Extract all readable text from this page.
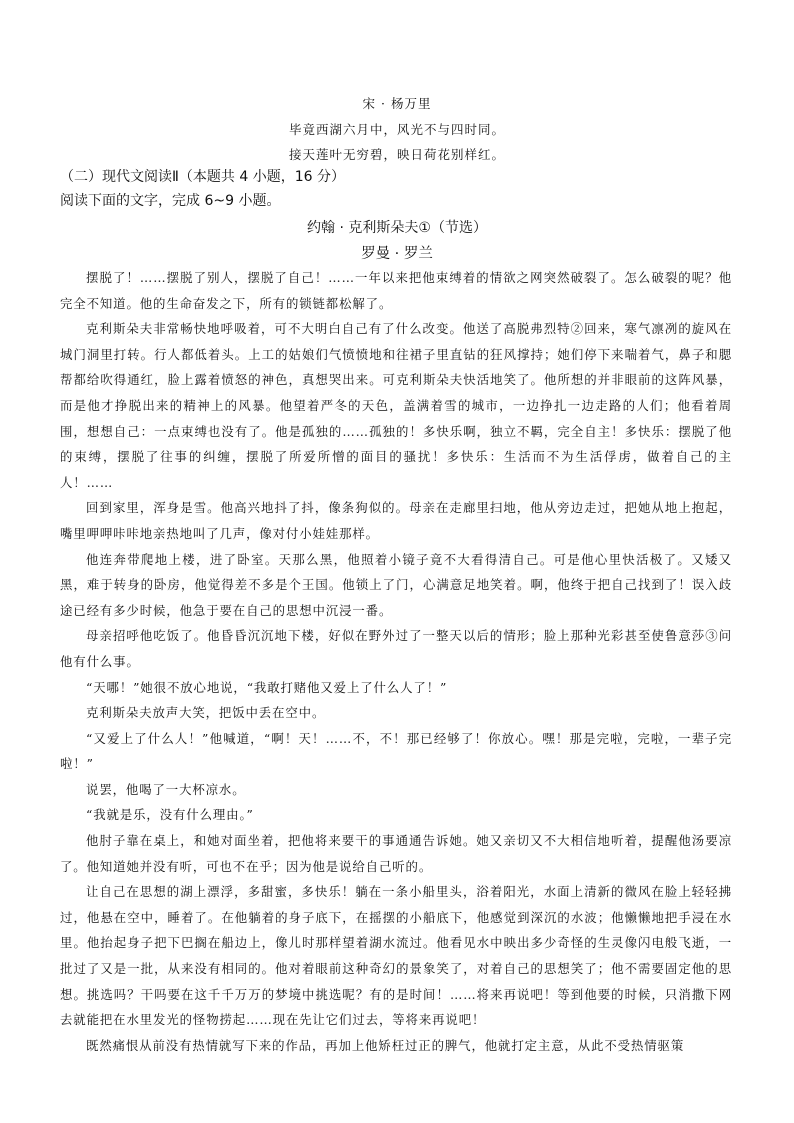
宋 · 杨万里
毕竟西湖六月中，风光不与四时同。
接天莲叶无穷碧，映日荷花别样红。
（二）现代文阅读Ⅱ（本题共 4 小题，16 分）
阅读下面的文字，完成 6~9 小题。
约翰 · 克利斯朵夫①（节选）
罗曼 · 罗兰

摆脱了！……摆脱了别人，摆脱了自己！……一年以来把他束缚着的情欲之网突然破裂了。怎么破裂的呢？他完全不知道。他的生命奋发之下，所有的锁链都松解了。

克利斯朵夫非常畅快地呼吸着，可不大明白自己有了什么改变。他送了高脱弗烈特②回来，寒气凛冽的旋风在城门洞里打转。行人都低着头。上工的姑娘们气愤愤地和往裙子里直钻的狂风撑持；她们停下来喘着气，鼻子和腮帮都给吹得通红，脸上露着愤怒的神色，真想哭出来。可克利斯朵夫快活地笑了。他所想的并非眼前的这阵风暴，而是他才挣脱出来的精神上的风暴。他望着严冬的天色，盖满着雪的城市，一边挣扎一边走路的人们；他看着周围，想想自己：一点束缚也没有了。他是孤独的……孤独的！多快乐啊，独立不羁，完全自主！多快乐：摆脱了他的束缚，摆脱了往事的纠缠，摆脱了所爱所憎的面目的骚扰！多快乐：生活而不为生活俘虏，做着自己的主人！……

回到家里，浑身是雪。他高兴地抖了抖，像条狗似的。母亲在走廊里扫地，他从旁边走过，把她从地上抱起，嘴里呷呷咔咔地亲热地叫了几声，像对付小娃娃那样。

他连奔带爬地上楼，进了卧室。天那么黑，他照着小镜子竟不大看得清自己。可是他心里快活极了。又矮又黑，难于转身的卧房，他觉得差不多是个王国。他锁上了门，心满意足地笑着。啊，他终于把自己找到了！误入歧途已经有多少时候，他急于要在自己的思想中沉浸一番。

母亲招呼他吃饭了。他昏昏沉沉地下楼，好似在野外过了一整天以后的情形；脸上那种光彩甚至使鲁意莎③问他有什么事。

“天哪！”她很不放心地说，“我敢打赌他又爱上了什么人了！”

克利斯朵夫放声大笑，把饭中丢在空中。

“又爱上了什么人！”他喊道，“啊！天！……不，不！那已经够了！你放心。嘿！那是完啦，完啦，一辈子完啦！”

说罢，他喝了一大杯凉水。

“我就是乐，没有什么理由。”

他肘子靠在桌上，和她对面坐着，把他将来要干的事通通告诉她。她又亲切又不大相信地听着，提醒他汤要凉了。他知道她并没有听，可也不在乎；因为他是说给自己听的。

让自己在思想的湖上漂浮，多甜蜜，多快乐！躺在一条小船里头，浴着阳光，水面上清新的微风在脸上轻轻拂过，他悬在空中，睡着了。在他躺着的身子底下，在摇摆的小船底下，他感觉到深沉的水波；他懒懒地把手浸在水里。他抬起身子把下巴搁在船边上，像儿时那样望着湖水流过。他看见水中映出多少奇怪的生灵像闪电般飞逝，一批过了又是一批，从来没有相同的。他对着眼前这种奇幻的景象笑了，对着自己的思想笑了；他不需要固定他的思想。挑选吗？干吗要在这千千万万的梦境中挑选呢？有的是时间！……将来再说吧！等到他要的时候，只消撒下网去就能把在水里发光的怪物捞起……现在先让它们过去，等将来再说吧！

既然痛恨从前没有热情就写下来的作品，再加上他矫枉过正的脾气，他就打定主意，从此不受热情驱策
